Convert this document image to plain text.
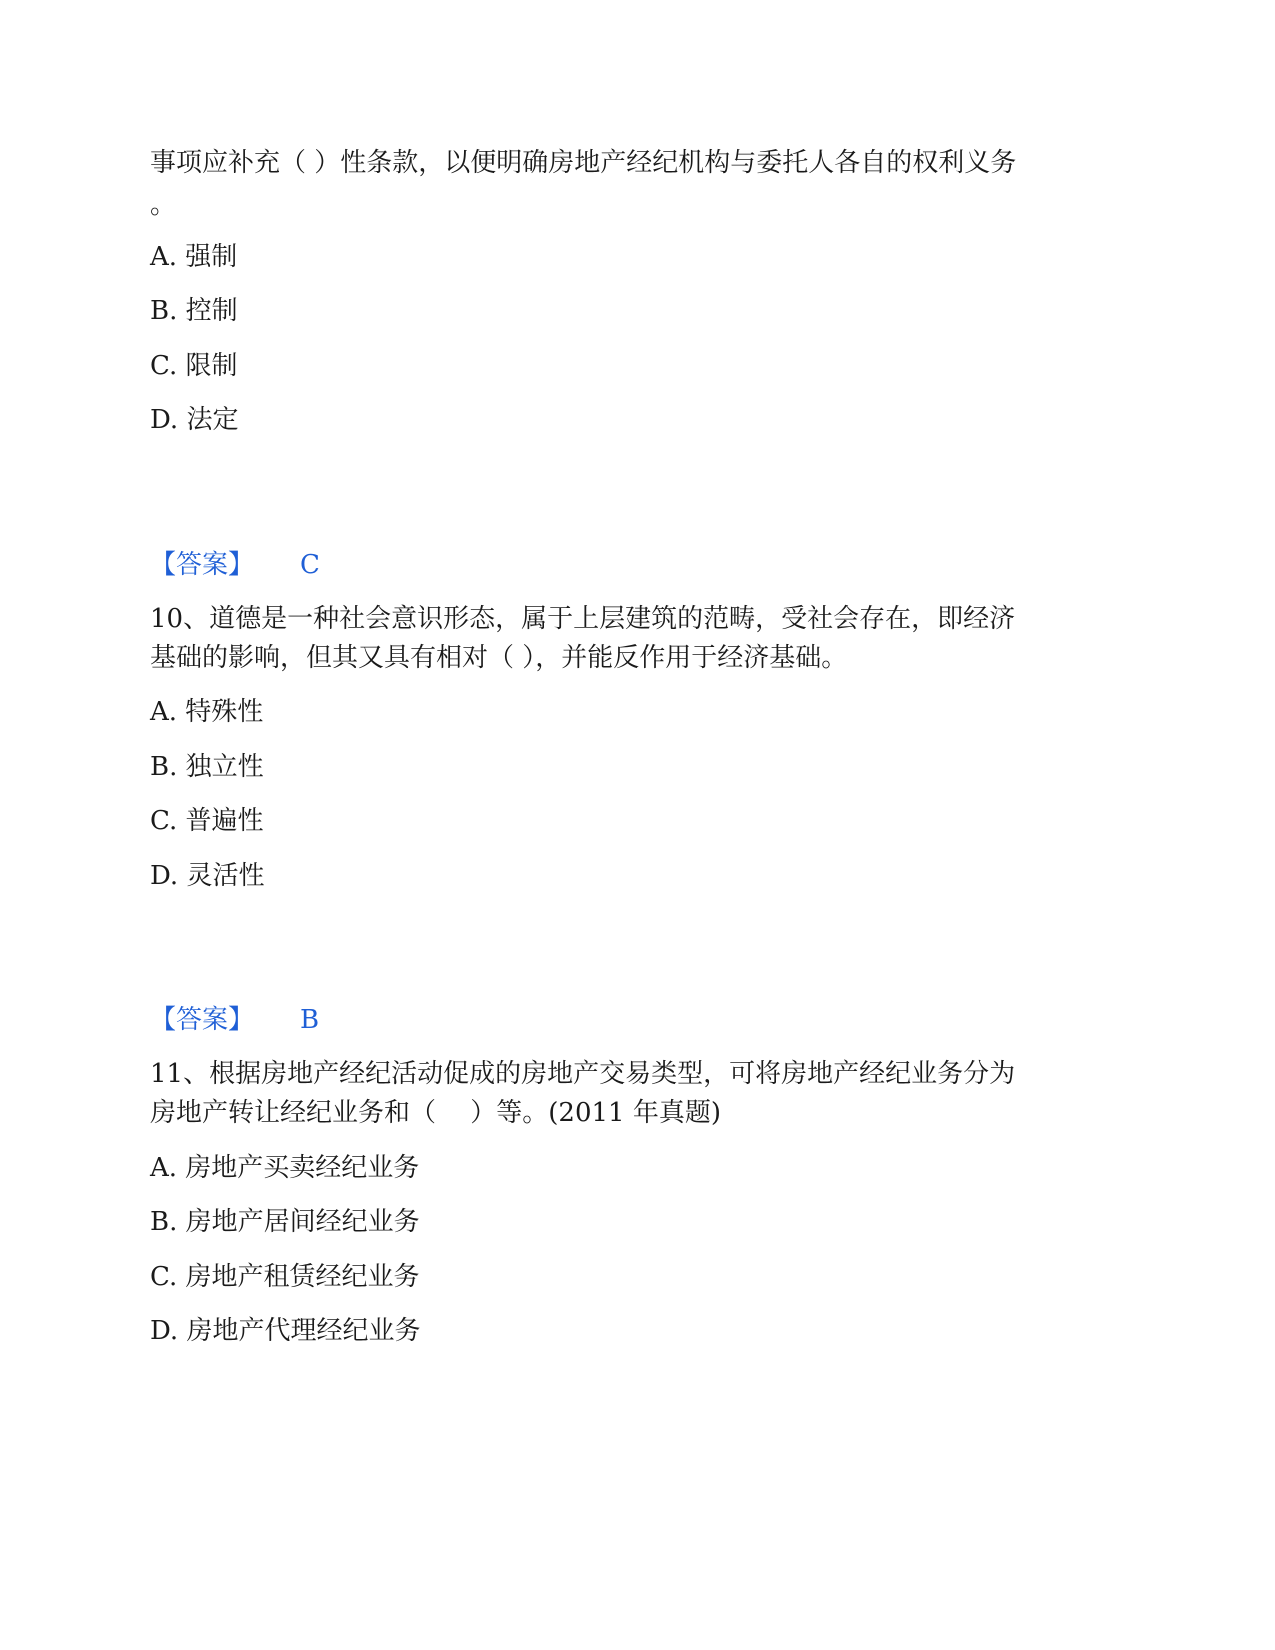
事项应补充（ ）性条款，以便明确房地产经纪机构与委托人各自的权利义务
。
A. 强制
B. 控制
C. 限制
D. 法定
【答案】 C
10、道德是一种社会意识形态，属于上层建筑的范畴，受社会存在，即经济
基础的影响，但其又具有相对（ ），并能反作用于经济基础。
A. 特殊性
B. 独立性
C. 普遍性
D. 灵活性
【答案】 B
11、根据房地产经纪活动促成的房地产交易类型，可将房地产经纪业务分为
房地产转让经纪业务和（　 ）等。(2011 年真题)
A. 房地产买卖经纪业务
B. 房地产居间经纪业务
C. 房地产租赁经纪业务
D. 房地产代理经纪业务
